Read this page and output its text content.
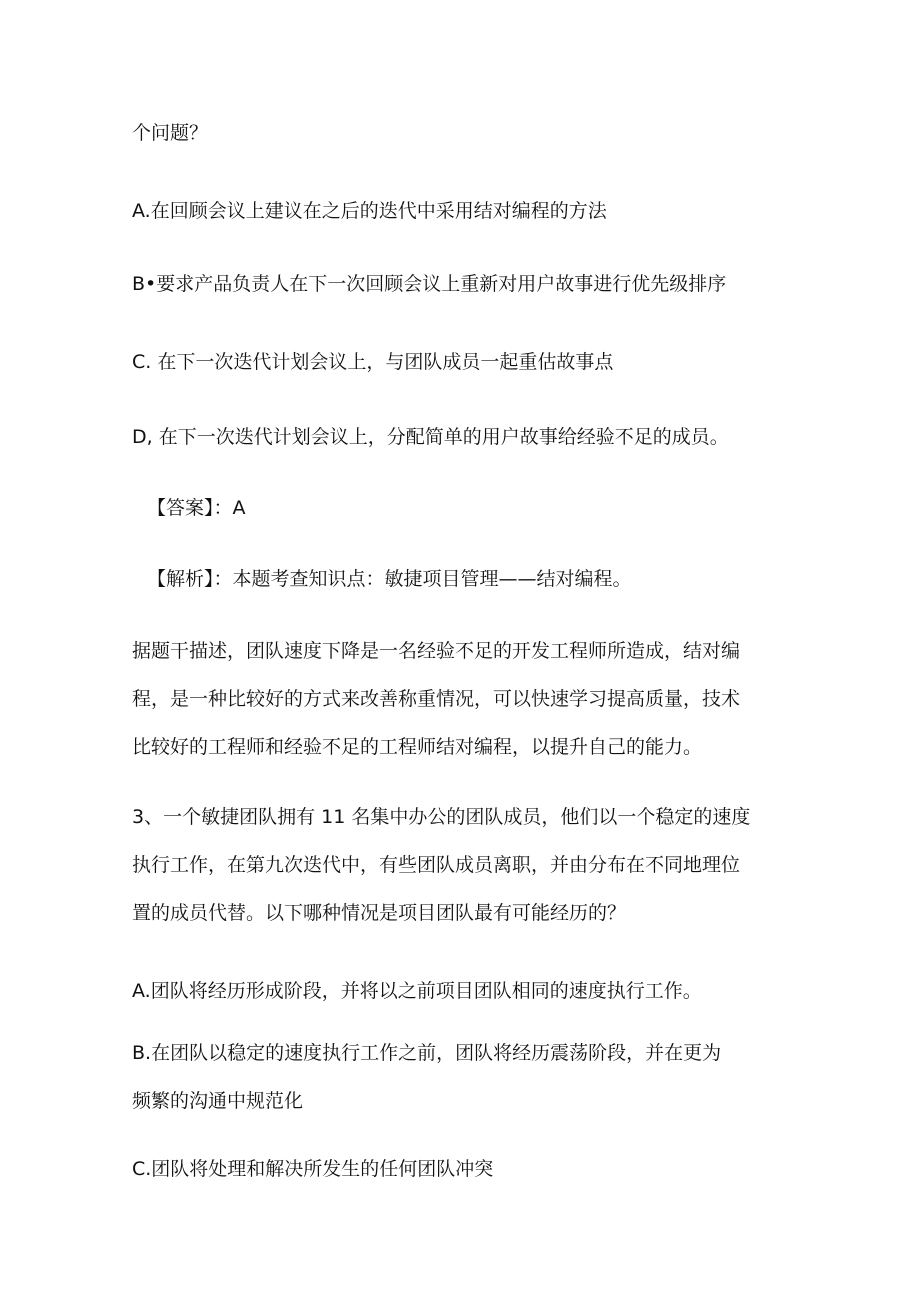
个问题？

A.在回顾会议上建议在之后的迭代中采用结对编程的方法

B•要求产品负责人在下一次回顾会议上重新对用户故事进行优先级排序

C. 在下一次迭代计划会议上，与团队成员一起重估故事点

D, 在下一次迭代计划会议上，分配简单的用户故事给经验不足的成员。

【答案】：A

【解析】：本题考查知识点：敏捷项目管理——结对编程。

据题干描述，团队速度下降是一名经验不足的开发工程师所造成，结对编

程，是一种比较好的方式来改善称重情况，可以快速学习提高质量，技术

比较好的工程师和经验不足的工程师结对编程，以提升自己的能力。

3、一个敏捷团队拥有 11 名集中办公的团队成员，他们以一个稳定的速度

执行工作，在第九次迭代中，有些团队成员离职，并由分布在不同地理位

置的成员代替。以下哪种情况是项目团队最有可能经历的？

A.团队将经历形成阶段，并将以之前项目团队相同的速度执行工作。

B.在团队以稳定的速度执行工作之前，团队将经历震荡阶段，并在更为

频繁的沟通中规范化

C.团队将处理和解决所发生的任何团队冲突
